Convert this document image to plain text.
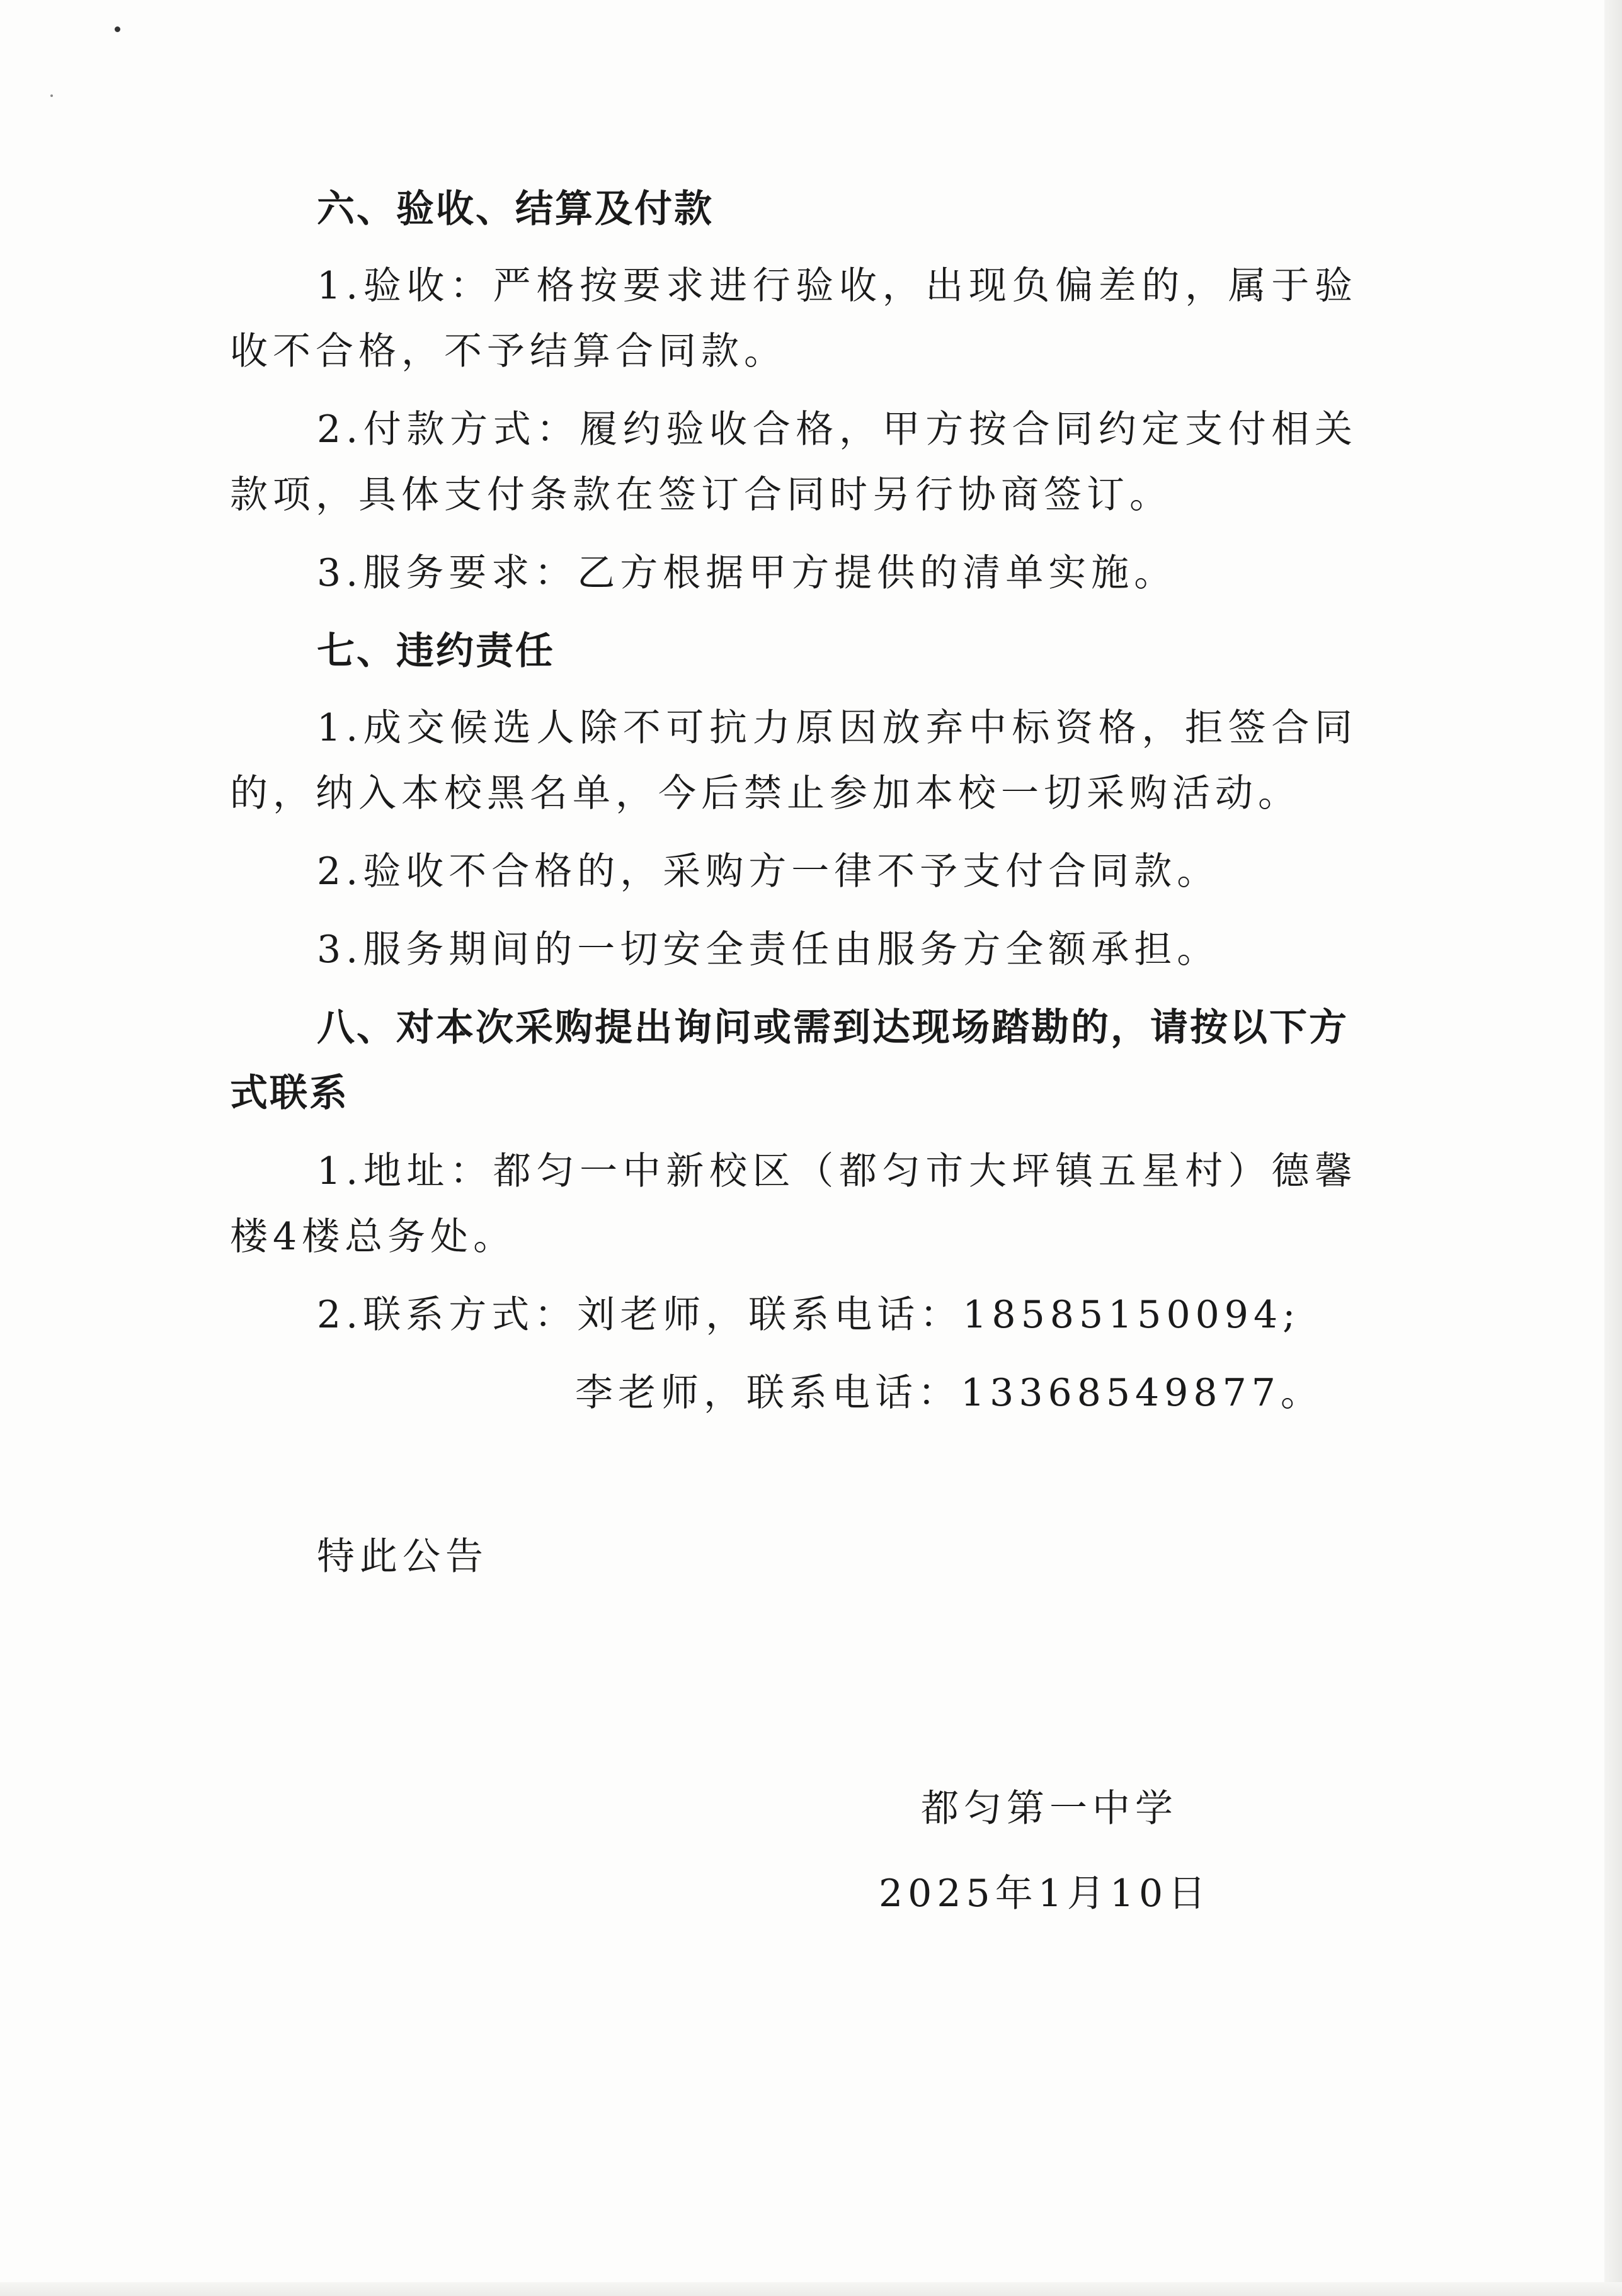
六、验收、结算及付款
1.验收：严格按要求进行验收，出现负偏差的，属于验收不合格，不予结算合同款。
2.付款方式：履约验收合格，甲方按合同约定支付相关款项，具体支付条款在签订合同时另行协商签订。
3.服务要求：乙方根据甲方提供的清单实施。
七、违约责任
1.成交候选人除不可抗力原因放弃中标资格，拒签合同的，纳入本校黑名单，今后禁止参加本校一切采购活动。
2.验收不合格的，采购方一律不予支付合同款。
3.服务期间的一切安全责任由服务方全额承担。
八、对本次采购提出询问或需到达现场踏勘的，请按以下方式联系
1.地址：都匀一中新校区（都匀市大坪镇五星村）德馨楼4楼总务处。
2.联系方式：刘老师，联系电话：18585150094;
李老师，联系电话：13368549877。
特此公告
都匀第一中学
2025年1月10日
